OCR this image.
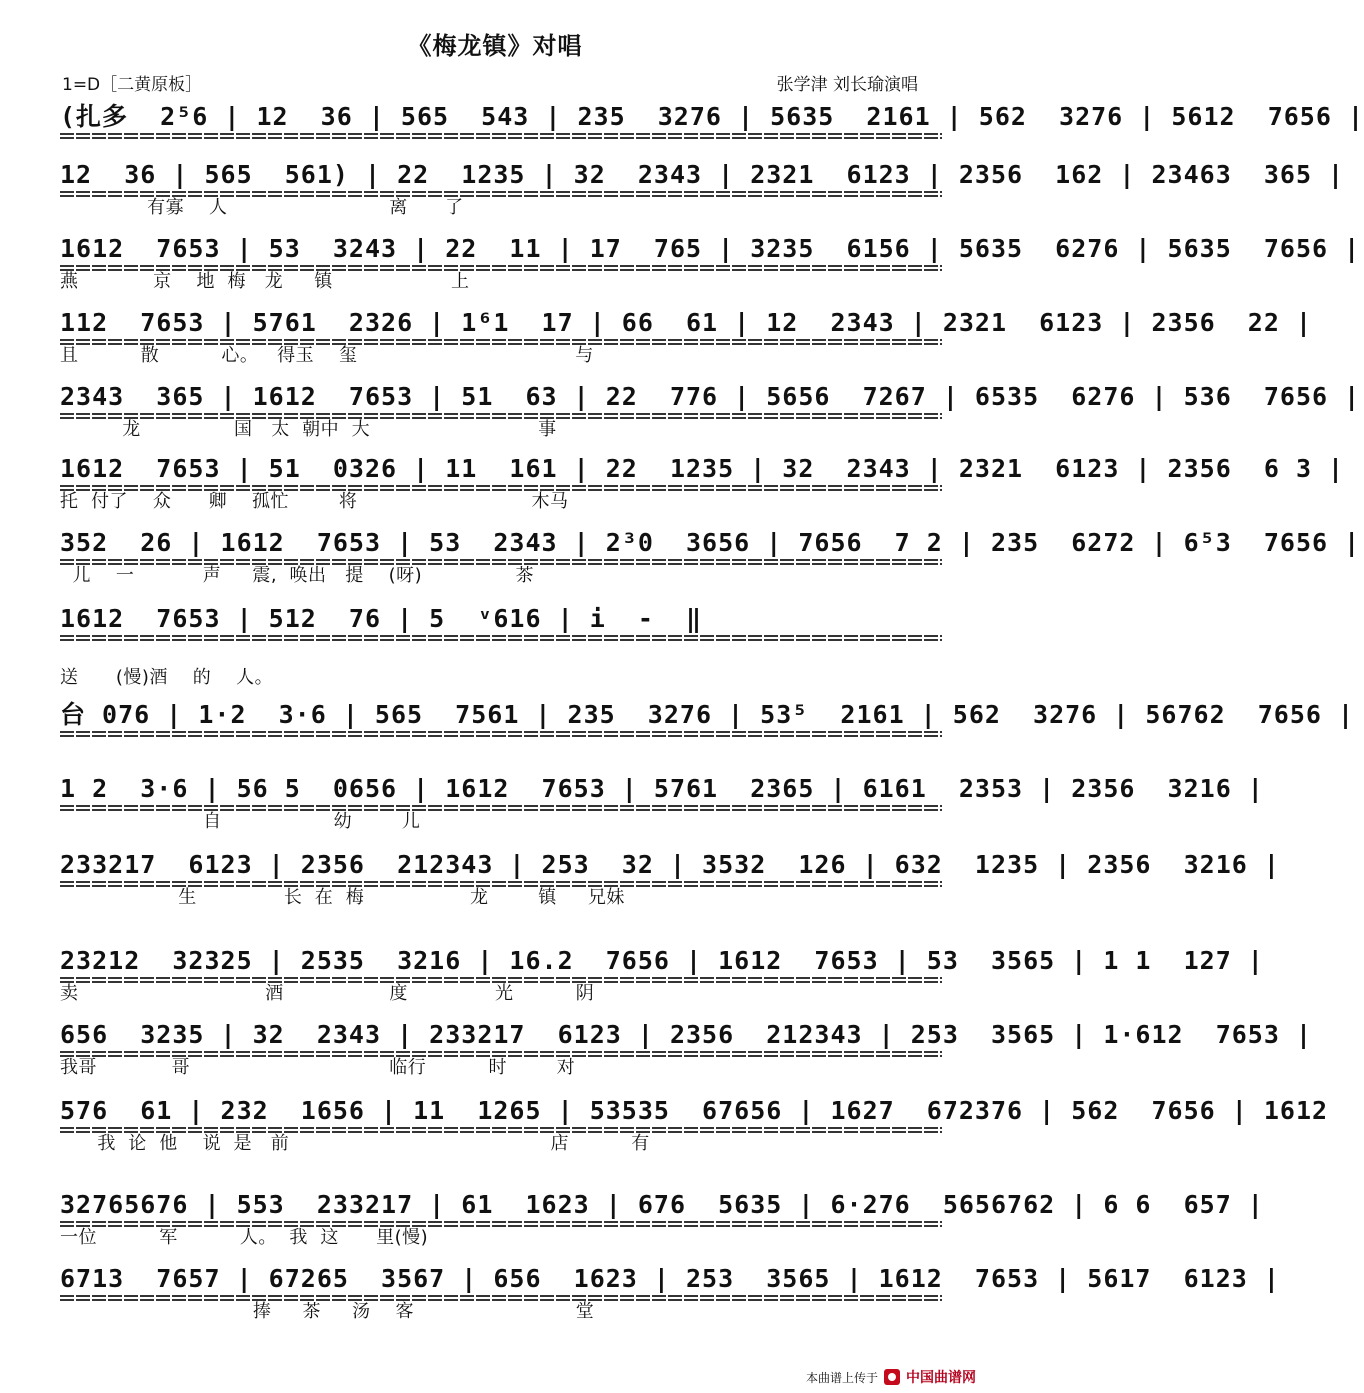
《梅龙镇》对唱
1=D［二黄原板］	张学津 刘长瑜演唱
(扎多  2⁵6 | 12  36 | 565  543 | 235  3276 | 5635  2161 | 562  3276 | 5612  7656 |
12  36 | 565  561) | 22  1235 | 32  2343 | 2321  6123 | 2356  162 | 23463  365 |
有寡    人                          离      了
1612  7653 | 53  3243 | 22  11 | 17  765 | 3235  6156 | 5635  6276 | 5635  7656 |
燕            京    地  梅   龙     镇                   上
112  7653 | 5761  2326 | 1⁶1  17 | 66  61 | 12  2343 | 2321  6123 | 2356  22 |
且          散          心。   得玉    玺                                   与
2343  365 | 1612  7653 | 51  63 | 22  776 | 5656  7267 | 6535  6276 | 536  7656 |
龙               国   太  朝中  大                           事
1612  7653 | 51  0326 | 11  161 | 22  1235 | 32  2343 | 2321  6123 | 2356  6 3 |
托  付了    众      卿    孤忙        将                            木马
352  26 | 1612  7653 | 53  2343 | 2³0  3656 | 7656  7 2 | 235  6272 | 6⁵3  7656 |
儿    一           声     震,  唤出   提    (呀)               茶
1612  7653 | 512  76 | 5  ᵛ616 | i  -  ‖
送      (慢)酒    的    人。
台 076 | 1·2  3·6 | 565  7561 | 235  3276 | 53⁵  2161 | 562  3276 | 56762  7656 |
1 2  3·6 | 56 5  0656 | 1612  7653 | 5761  2365 | 6161  2353 | 2356  3216 |
自                  幼        儿
233217  6123 | 2356  212343 | 253  32 | 3532  126 | 632  1235 | 2356  3216 |
生              长  在  梅                 龙        镇     兄妹
23212  32325 | 2535  3216 | 16.2  7656 | 1612  7653 | 53  3565 | 1 1  127 |
卖                              酒                 度              光          阴
656  3235 | 32  2343 | 233217  6123 | 2356  212343 | 253  3565 | 1·612  7653 |
我哥            哥                                临行          时        对
576  61 | 232  1656 | 11  1265 | 53535  67656 | 1627  672376 | 562  7656 | 1612
我  论  他    说  是   前                                          店          有
32765676 | 553  233217 | 61  1623 | 676  5635 | 6·276  5656762 | 6 6  657 |
一位          军          人。  我  这      里(慢)
6713  7657 | 67265  3567 | 656  1623 | 253  3565 | 1612  7653 | 5617  6123 |
捧     茶     汤    客                          堂
本曲谱上传于 中国曲谱网
